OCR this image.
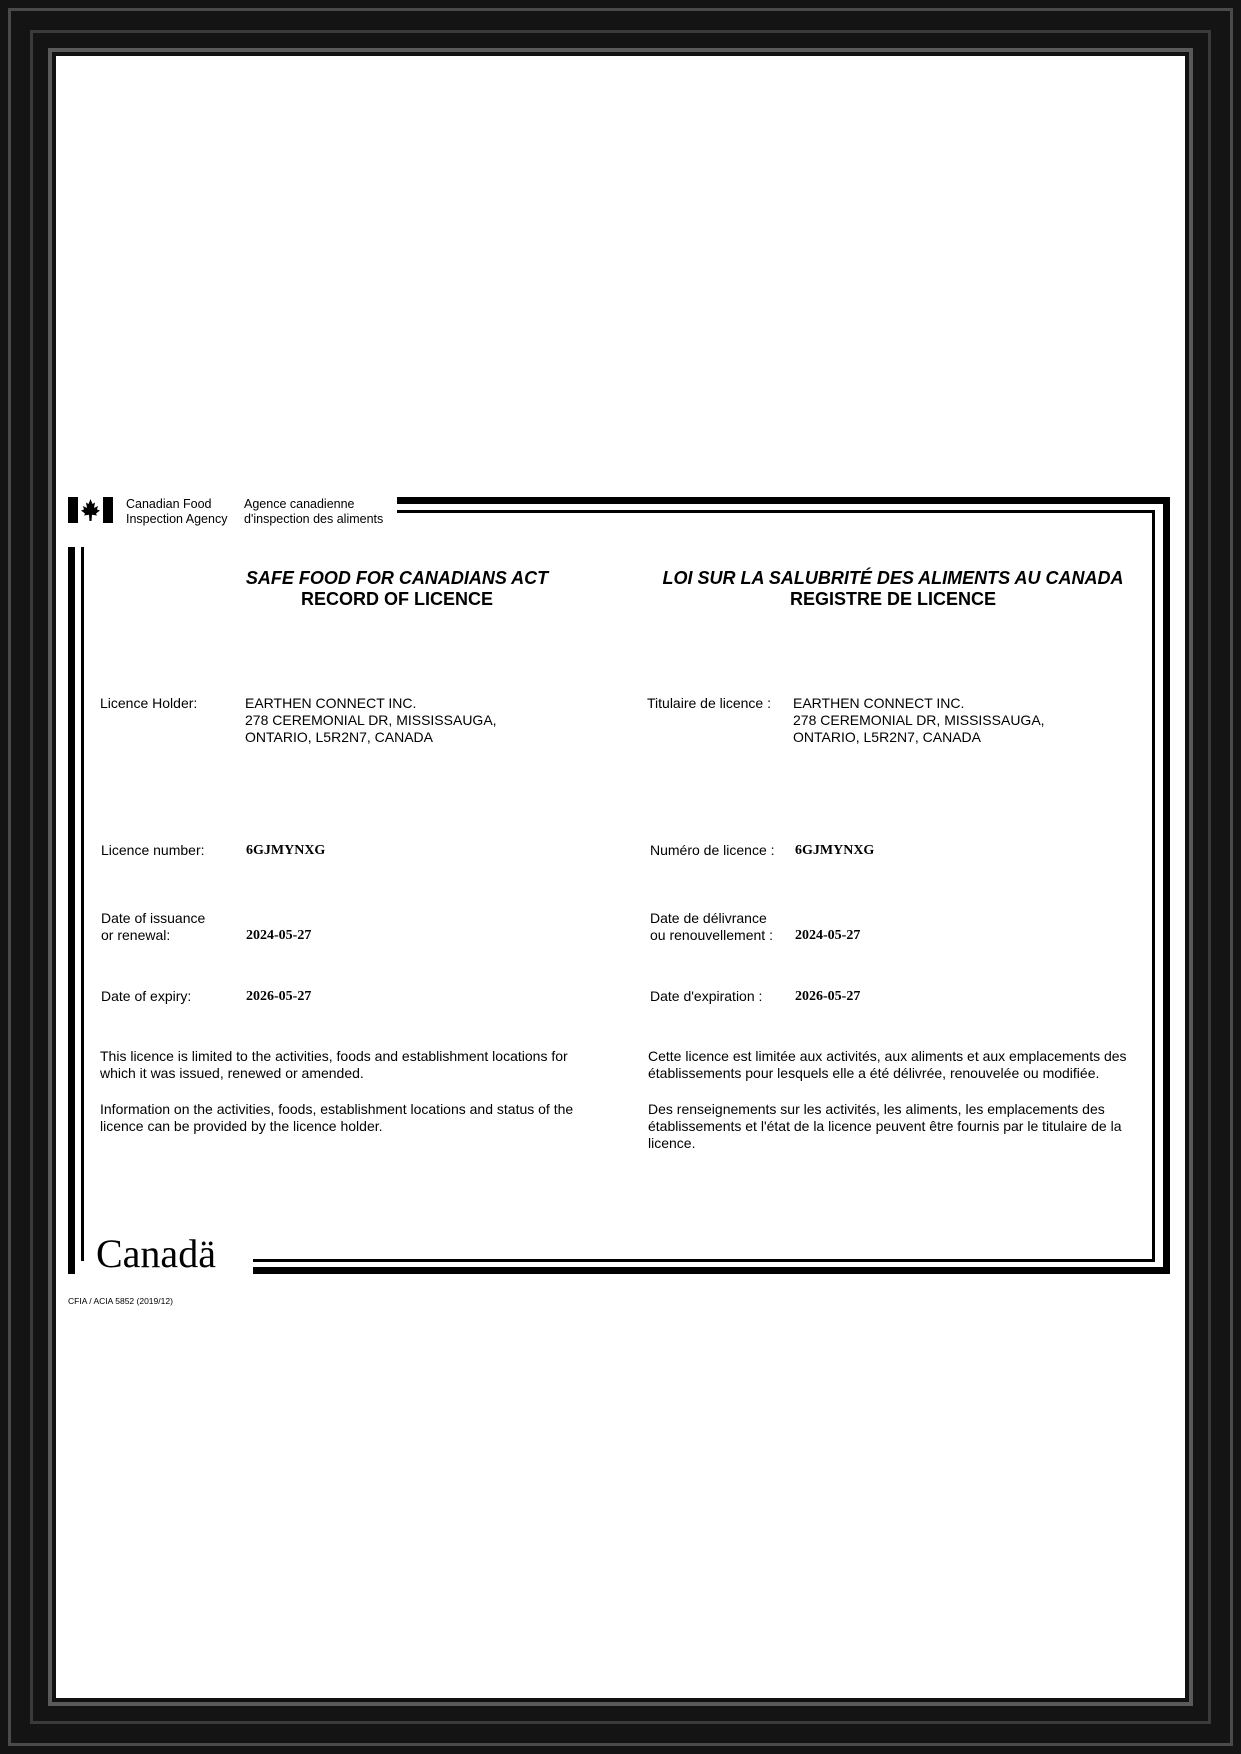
Canadian Food
Inspection Agency
Agence canadienne
d'inspection des aliments
SAFE FOOD FOR CANADIANS ACT
RECORD OF LICENCE
LOI SUR LA SALUBRITÉ DES ALIMENTS AU CANADA
REGISTRE DE LICENCE
Licence Holder:	EARTHEN CONNECT INC.
278 CEREMONIAL DR, MISSISSAUGA,
ONTARIO, L5R2N7, CANADA
Titulaire de licence : EARTHEN CONNECT INC.
278 CEREMONIAL DR, MISSISSAUGA,
ONTARIO, L5R2N7, CANADA
Licence number:	6GJMYNXG	Numéro de licence : 6GJMYNXG
Date of issuance
or renewal:	2024-05-27
Date de délivrance
ou renouvellement : 2024-05-27
Date of expiry:	2026-05-27	Date d'expiration : 2026-05-27

This licence is limited to the activities, foods and establishment locations for which it was issued, renewed or amended.

Information on the activities, foods, establishment locations and status of the licence can be provided by the licence holder.

Cette licence est limitée aux activités, aux aliments et aux emplacements des établissements pour lesquels elle a été délivrée, renouvelée ou modifiée.

Des renseignements sur les activités, les aliments, les emplacements des établissements et l'état de la licence peuvent être fournis par le titulaire de la licence.

Canadä
CFIA / ACIA 5852 (2019/12)
